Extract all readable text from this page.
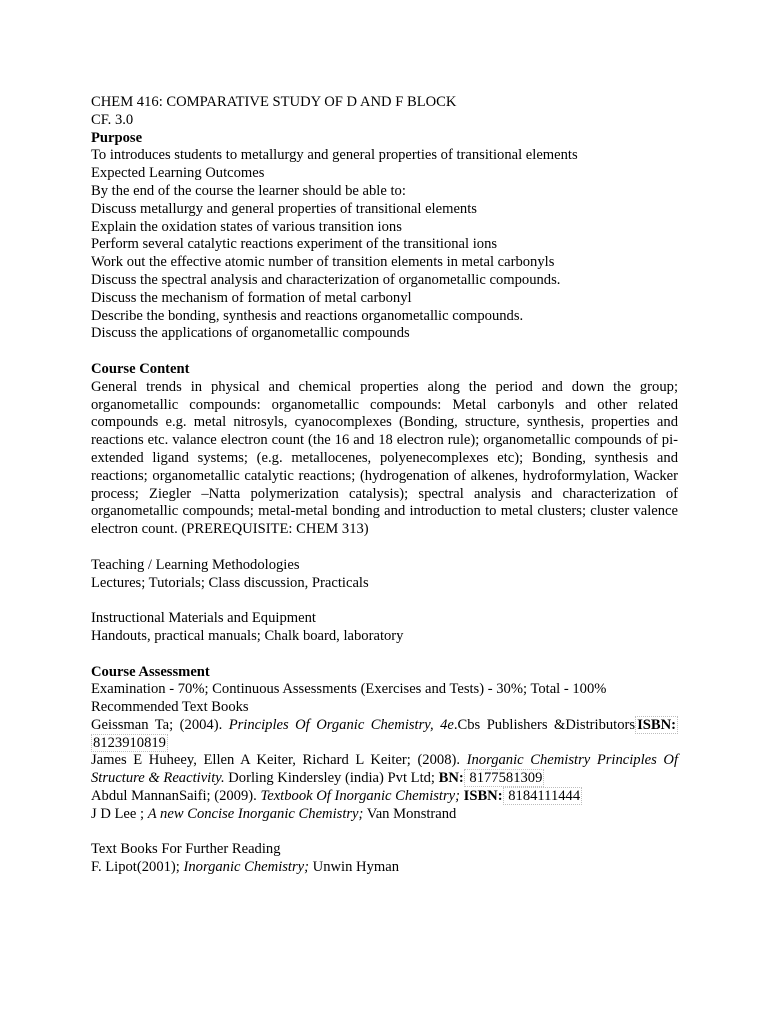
CHEM 416: COMPARATIVE STUDY OF D AND F BLOCK
CF. 3.0
Purpose
To introduces students to metallurgy and general properties of transitional elements
Expected Learning Outcomes
By the end of the course the learner should be able to:
Discuss metallurgy and general properties of transitional elements
Explain the oxidation states of various transition ions
Perform several catalytic reactions experiment of the transitional ions
Work out the effective atomic number of transition elements in metal carbonyls
Discuss the spectral analysis and characterization of organometallic compounds.
Discuss the mechanism of formation of metal carbonyl
Describe the bonding, synthesis and reactions organometallic compounds.
Discuss the applications of organometallic compounds
Course Content
General trends in physical and chemical properties along the period and down the group; organometallic compounds: organometallic compounds: Metal carbonyls and other related compounds e.g. metal nitrosyls, cyanocomplexes (Bonding, structure, synthesis, properties and reactions etc. valance electron count (the 16 and 18 electron rule); organometallic compounds of pi-extended ligand systems; (e.g. metallocenes, polyenecomplexes etc); Bonding, synthesis and reactions; organometallic catalytic reactions; (hydrogenation of alkenes, hydroformylation, Wacker process; Ziegler –Natta polymerization catalysis); spectral analysis and characterization of organometallic compounds; metal-metal bonding and introduction to metal clusters; cluster valence electron count. (PREREQUISITE: CHEM 313)
Teaching / Learning Methodologies
Lectures; Tutorials; Class discussion, Practicals
Instructional Materials and Equipment
Handouts, practical manuals; Chalk board, laboratory
Course Assessment
Examination - 70%; Continuous Assessments (Exercises and Tests) - 30%; Total - 100%
Recommended Text Books
Geissman Ta; (2004). Principles Of Organic Chemistry, 4e.Cbs Publishers &Distributors ISBN:
8123910819
James E Huheey, Ellen A Keiter, Richard L Keiter; (2008). Inorganic Chemistry Principles Of
Structure & Reactivity. Dorling Kindersley (india) Pvt Ltd; BN: 8177581309
Abdul MannanSaifi; (2009). Textbook Of Inorganic Chemistry; ISBN: 8184111444
J D Lee ; A new Concise Inorganic Chemistry; Van Monstrand
Text Books For Further Reading
F. Lipot(2001); Inorganic Chemistry; Unwin Hyman
